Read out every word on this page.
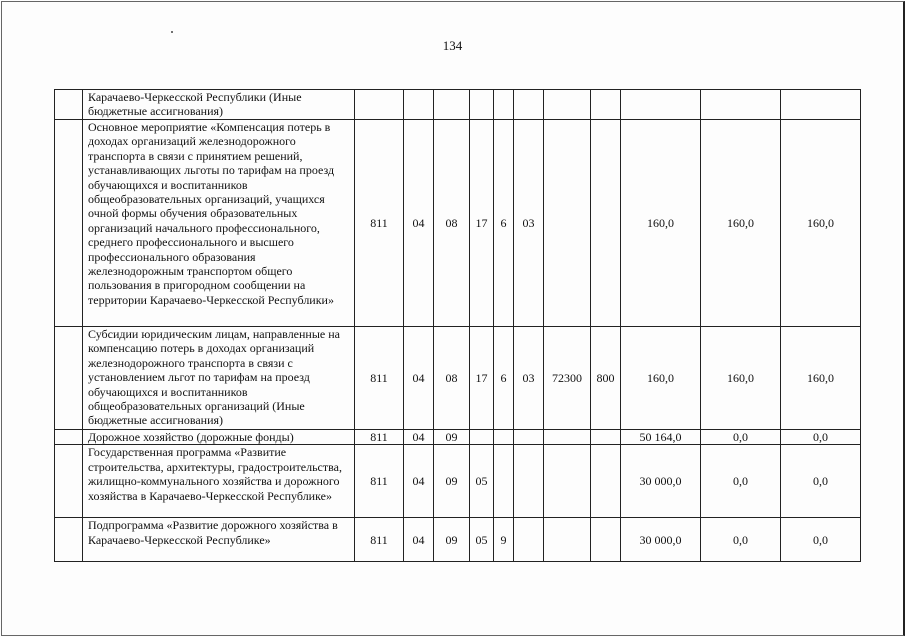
134
	Карачаево-Черкесской Республики (Иные бюджетные ассигнования)											
	Основное мероприятие «Компенсация потерь в доходах организаций железнодорожного транспорта в связи с принятием решений, устанавливающих льготы по тарифам на проезд обучающихся и воспитанников общеобразовательных организаций, учащихся очной формы обучения образовательных организаций начального профессионального, среднего профессионального и высшего профессионального образования железнодорожным транспортом общего пользования в пригородном сообщении на территории Карачаево-Черкесской Республики»	811	04	08	17	6	03			160,0	160,0	160,0
	Субсидии юридическим лицам, направленные на компенсацию потерь в доходах организаций железнодорожного транспорта в связи с установлением льгот по тарифам на проезд обучающихся и воспитанников общеобразовательных организаций (Иные бюджетные ассигнования)	811	04	08	17	6	03	72300	800	160,0	160,0	160,0
	Дорожное хозяйство (дорожные фонды)	811	04	09						50 164,0	0,0	0,0
	Государственная программа «Развитие строительства, архитектуры, градостроительства, жилищно-коммунального хозяйства и дорожного хозяйства в Карачаево-Черкесской Республике»	811	04	09	05					30 000,0	0,0	0,0
	Подпрограмма «Развитие дорожного хозяйства в Карачаево-Черкесской Республике»	811	04	09	05	9				30 000,0	0,0	0,0
